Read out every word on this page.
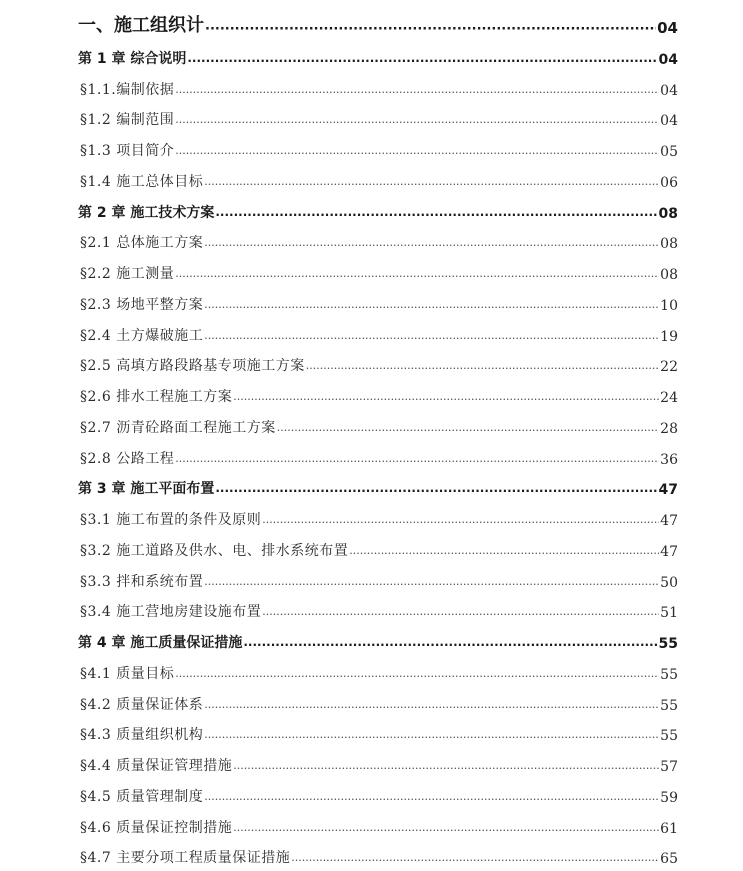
一、施工组织计 ·····	04
第 1 章 综合说明 ·····	04
§1.1.编制依据 ·····	04
§1.2 编制范围 ·····	04
§1.3 项目简介 ·····	05
§1.4 施工总体目标 ·····	06
第 2 章 施工技术方案 ·····	08
§2.1 总体施工方案 ·····	08
§2.2 施工测量 ·····	08
§2.3 场地平整方案 ·····	10
§2.4 土方爆破施工 ·····	19
§2.5 高填方路段路基专项施工方案 ·····	22
§2.6 排水工程施工方案 ·····	24
§2.7 沥青砼路面工程施工方案 ·····	28
§2.8 公路工程 ·····	36
第 3 章 施工平面布置 ·····	47
§3.1 施工布置的条件及原则 ·····	47
§3.2 施工道路及供水、电、排水系统布置 ·····	47
§3.3 拌和系统布置 ·····	50
§3.4 施工营地房建设施布置 ·····	51
第 4 章 施工质量保证措施 ·····	55
§4.1 质量目标 ·····	55
§4.2 质量保证体系 ·····	55
§4.3 质量组织机构 ·····	55
§4.4 质量保证管理措施 ·····	57
§4.5 质量管理制度 ·····	59
§4.6 质量保证控制措施 ·····	61
§4.7 主要分项工程质量保证措施 ·····	65
